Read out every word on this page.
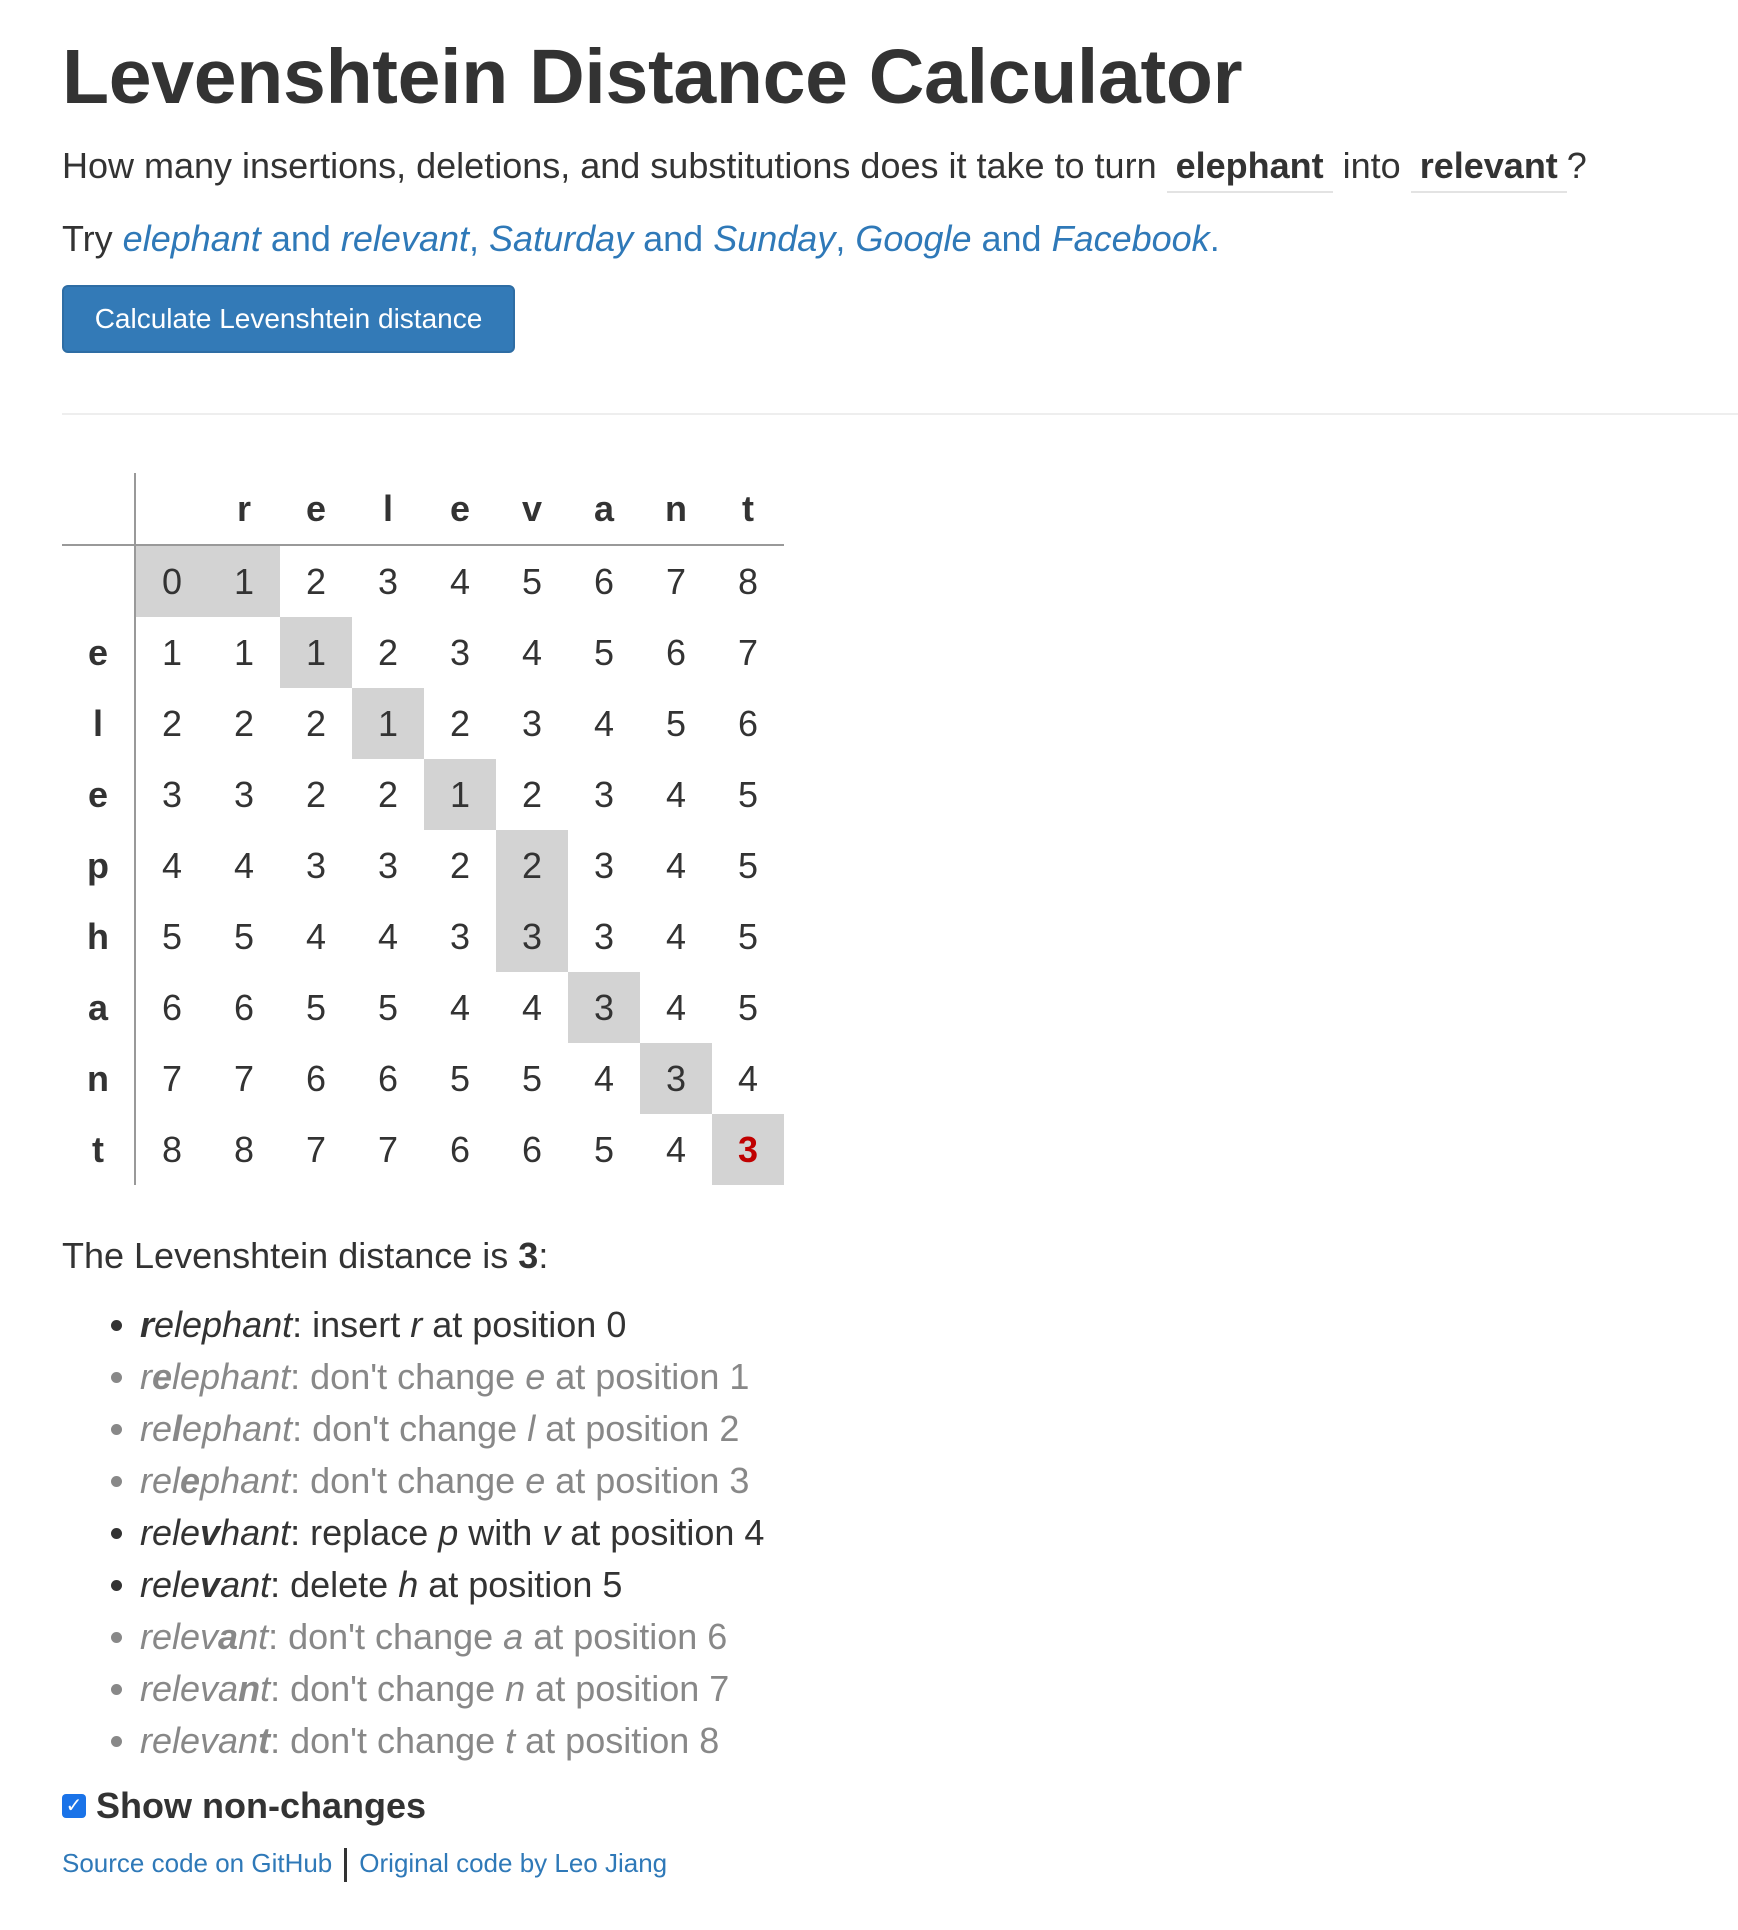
Levenshtein Distance Calculator
How many insertions, deletions, and substitutions does it take to turn elephant into relevant ?
Try elephant and relevant, Saturday and Sunday, Google and Facebook.
Calculate Levenshtein distance
		r	e	l	e	v	a	n	t
	0	1	2	3	4	5	6	7	8
e	1	1	1	2	3	4	5	6	7
l	2	2	2	1	2	3	4	5	6
e	3	3	2	2	1	2	3	4	5
p	4	4	3	3	2	2	3	4	5
h	5	5	4	4	3	3	3	4	5
a	6	6	5	5	4	4	3	4	5
n	7	7	6	6	5	5	4	3	4
t	8	8	7	7	6	6	5	4	3
The Levenshtein distance is 3:
• relephant: insert r at position 0
• relephant: don't change e at position 1
• relephant: don't change l at position 2
• relephant: don't change e at position 3
• relevhant: replace p with v at position 4
• relevant: delete h at position 5
• relevant: don't change a at position 6
• relevant: don't change n at position 7
• relevant: don't change t at position 8
✓ Show non-changes
Source code on GitHub Original code by Leo Jiang
